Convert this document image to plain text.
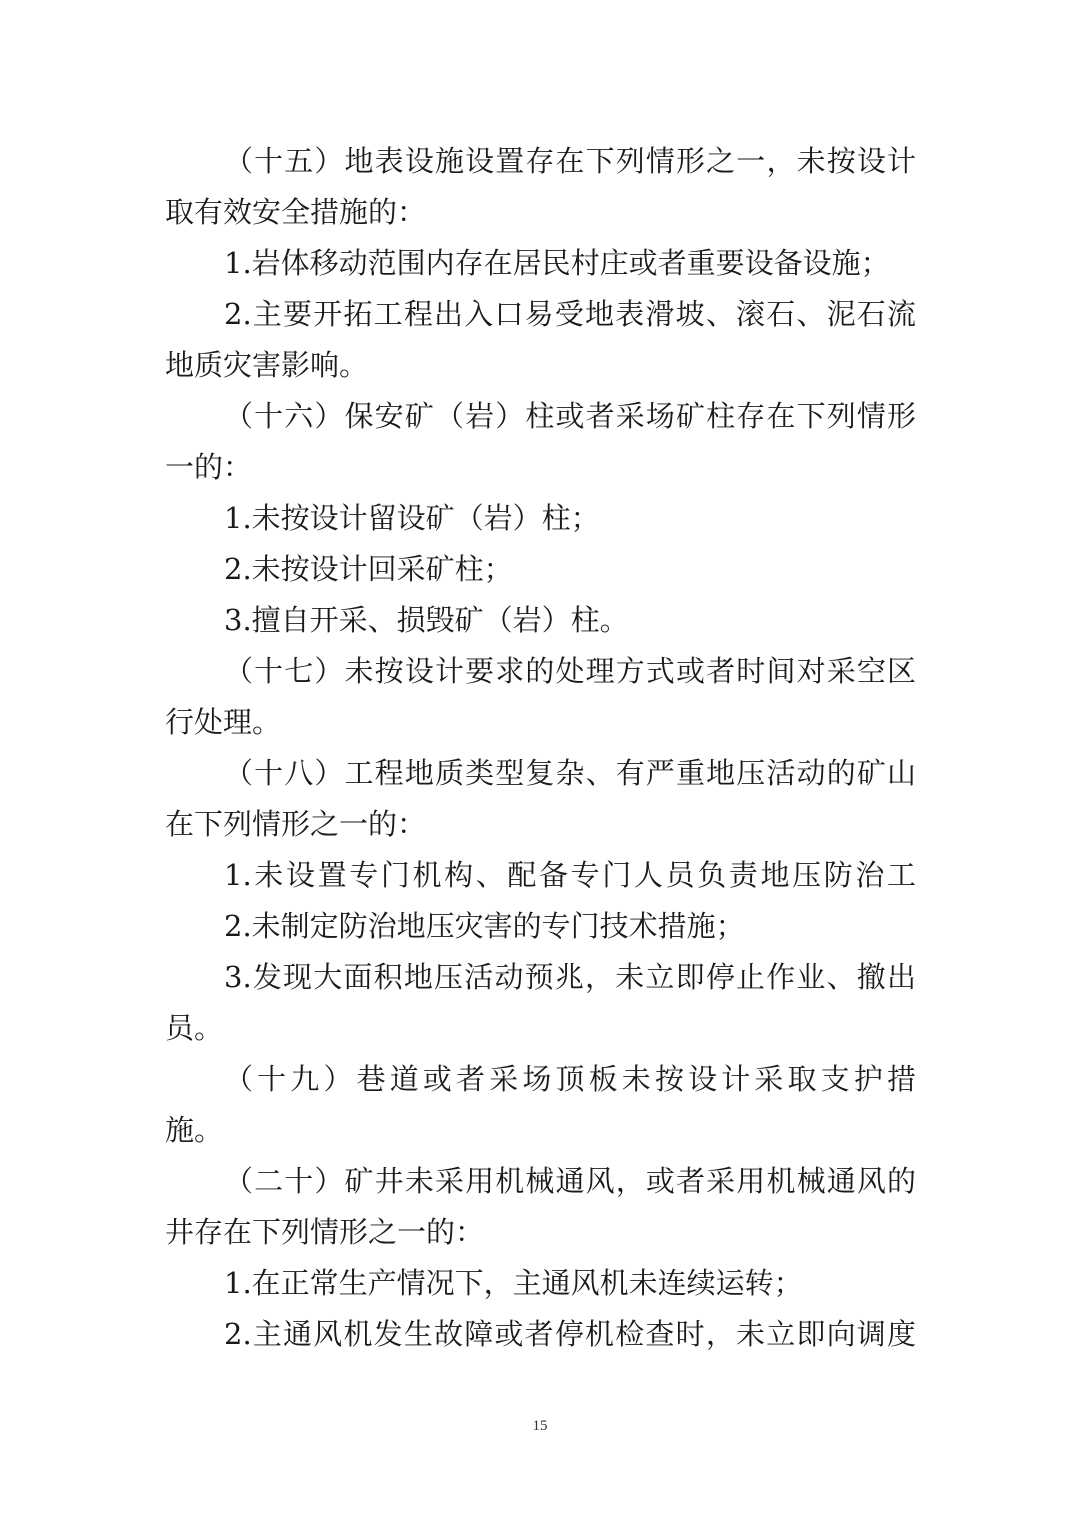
（十五）地表设施设置存在下列情形之一，未按设计
取有效安全措施的：
1.岩体移动范围内存在居民村庄或者重要设备设施；
2.主要开拓工程出入口易受地表滑坡、滚石、泥石流
地质灾害影响。
（十六）保安矿（岩）柱或者采场矿柱存在下列情形
一的：
1.未按设计留设矿（岩）柱；
2.未按设计回采矿柱；
3.擅自开采、损毁矿（岩）柱。
（十七）未按设计要求的处理方式或者时间对采空区
行处理。
（十八）工程地质类型复杂、有严重地压活动的矿山
在下列情形之一的：
1.未设置专门机构、配备专门人员负责地压防治工
2.未制定防治地压灾害的专门技术措施；
3.发现大面积地压活动预兆，未立即停止作业、撤出
员。
（十九）巷道或者采场顶板未按设计采取支护措
施。
（二十）矿井未采用机械通风，或者采用机械通风的
井存在下列情形之一的：
1.在正常生产情况下，主通风机未连续运转；
2.主通风机发生故障或者停机检查时，未立即向调度
15
